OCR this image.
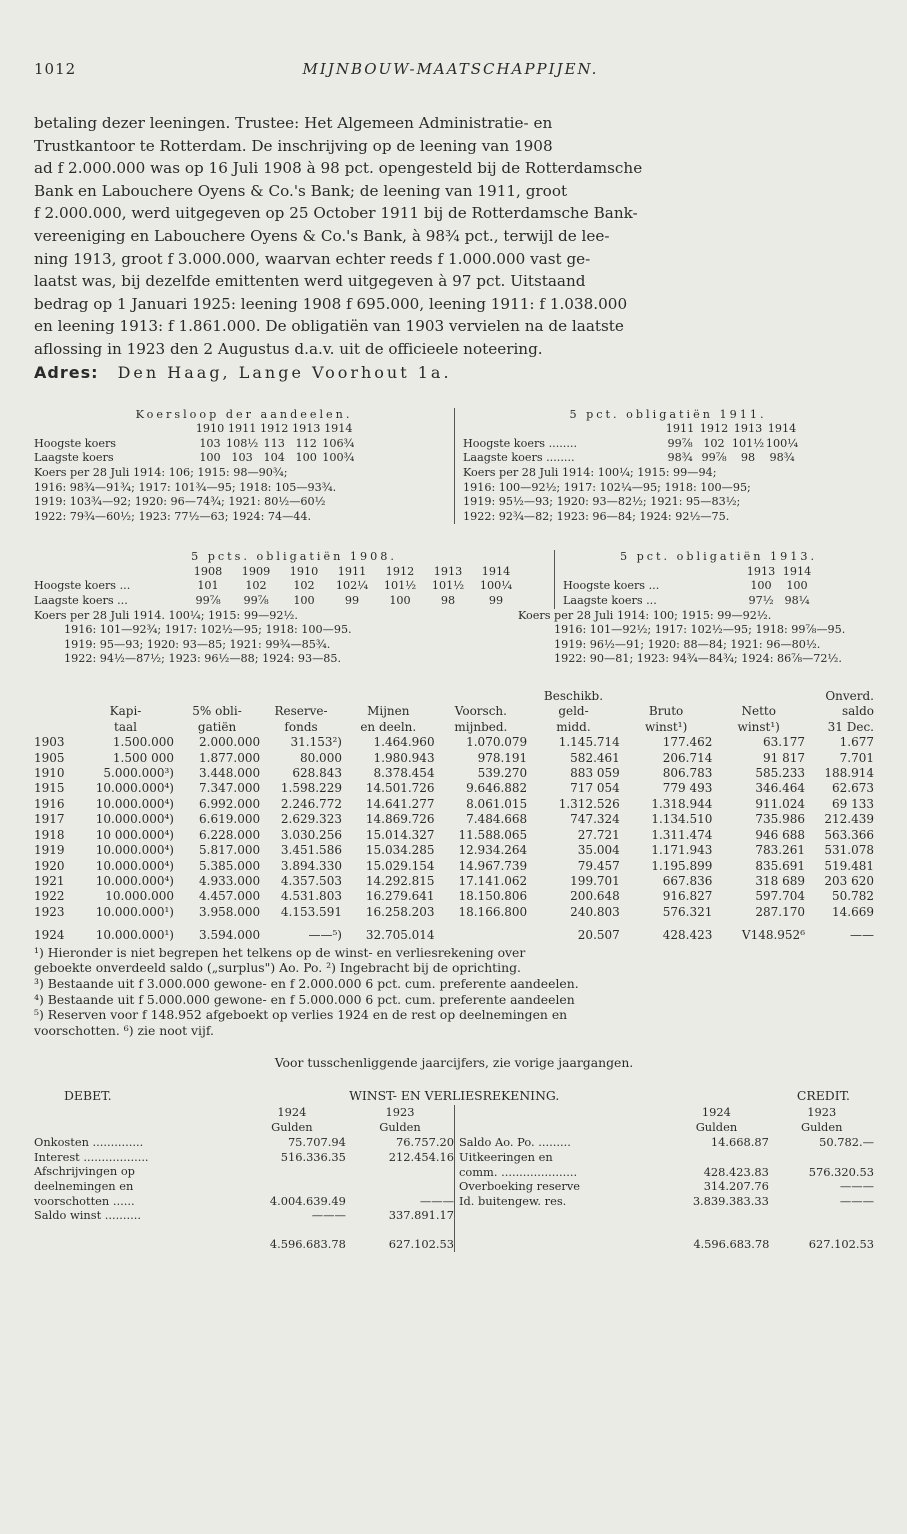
1012	MIJNBOUW-MAATSCHAPPIJEN.

betaling dezer leeningen. Trustee: Het Algemeen Administratie- en

Trustkantoor te Rotterdam. De inschrijving op de leening van 1908

ad f 2.000.000 was op 16 Juli 1908 à 98 pct. opengesteld bij de Rotterdamsche

Bank en Labouchere Oyens & Co.'s Bank; de leening van 1911, groot

f 2.000.000, werd uitgegeven op 25 October 1911 bij de Rotterdamsche Bank-

vereeniging en Labouchere Oyens & Co.'s Bank, à 98¾ pct., terwijl de lee-

ning 1913, groot f 3.000.000, waarvan echter reeds f 1.000.000 vast ge-

laatst was, bij dezelfde emittenten werd uitgegeven à 97 pct. Uitstaand

bedrag op 1 Januari 1925: leening 1908 f 695.000, leening 1911: f 1.038.000

en leening 1913: f 1.861.000. De obligatiën van 1903 vervielen na de laatste

aflossing in 1923 den 2 Augustus d.a.v. uit de officieele noteering.

Adres: Den Haag, Lange Voorhout 1a.
Koersloop der aandeelen.
	1910	1911	1912	1913	1914
Hoogste koers	103	108½	113	112	106¾
Laagste koers	100	103	104	100	100¾
Koers per 28 Juli 1914: 106; 1915: 98—90¾;
1916: 98¾—91¾; 1917: 101¾—95; 1918: 105—93¾.
1919: 103¾—92; 1920: 96—74¾; 1921: 80½—60½
1922: 79¾—60½; 1923: 77½—63; 1924: 74—44.
5 pct. obligatiën 1911.
	1911	1912	1913	1914
Hoogste koers ........	99⅞	102	101½	100¼
Laagste koers ........	98¾	99⅞	98	98¾
Koers per 28 Juli 1914: 100¼; 1915: 99—94;
1916: 100—92½; 1917: 102¼—95; 1918: 100—95;
1919: 95½—93; 1920: 93—82½; 1921: 95—83½;
1922: 92¾—82; 1923: 96—84; 1924: 92½—75.
5 pcts. obligatiën 1908.
	1908	1909	1910	1911	1912	1913	1914
Hoogste koers ...	101	102	102	102¼	101½	101½	100¼
Laagste koers ...	99⅞	99⅞	100	99	100	98	99
Koers per 28 Juli 1914. 100¼; 1915: 99—92½.
1916: 101—92¾; 1917: 102½—95; 1918: 100—95.
1919: 95—93; 1920: 93—85; 1921: 99¾—85¾.
1922: 94½—87½; 1923: 96½—88; 1924: 93—85.
5 pct. obligatiën 1913.
	1913	1914
Hoogste koers ...	100	100
Laagste koers ...	97½	98¼
Koers per 28 Juli 1914: 100; 1915: 99—92½.
1916: 101—92½; 1917: 102½—95; 1918: 99⅞—95.
1919: 96½—91; 1920: 88—84; 1921: 96—80½.
1922: 90—81; 1923: 94¾—84¾; 1924: 86⅞—72½.
						Beschikb.			Onverd.
	Kapi-	5% obli-	Reserve-	Mijnen	Voorsch.	geld-	Bruto	Netto	saldo
	taal	gatiën	fonds	en deeln.	mijnbed.	midd.	winst¹)	winst¹)	31 Dec.
1903	1.500.000	2.000.000	31.153²)	1.464.960	1.070.079	1.145.714	177.462	63.177	1.677
1905	1.500 000	1.877.000	80.000	1.980.943	978.191	582.461	206.714	91 817	7.701
1910	5.000.000³)	3.448.000	628.843	8.378.454	539.270	883 059	806.783	585.233	188.914
1915	10.000.000⁴)	7.347.000	1.598.229	14.501.726	9.646.882	717 054	779 493	346.464	62.673
1916	10.000.000⁴)	6.992.000	2.246.772	14.641.277	8.061.015	1.312.526	1.318.944	911.024	69 133
1917	10.000.000⁴)	6.619.000	2.629.323	14.869.726	7.484.668	747.324	1.134.510	735.986	212.439
1918	10 000.000⁴)	6.228.000	3.030.256	15.014.327	11.588.065	27.721	1.311.474	946 688	563.366
1919	10.000.000⁴)	5.817.000	3.451.586	15.034.285	12.934.264	35.004	1.171.943	783.261	531.078
1920	10.000.000⁴)	5.385.000	3.894.330	15.029.154	14.967.739	79.457	1.195.899	835.691	519.481
1921	10.000.000⁴)	4.933.000	4.357.503	14.292.815	17.141.062	199.701	667.836	318 689	203 620
1922	10.000.000	4.457.000	4.531.803	16.279.641	18.150.806	200.648	916.827	597.704	50.782
1923	10.000.000¹)	3.958.000	4.153.591	16.258.203	18.166.800	240.803	576.321	287.170	14.669
1924	10.000.000¹)	3.594.000	——⁵)	32.705.014		20.507	428.423	V148.952⁶	——

¹) Hieronder is niet begrepen het telkens op de winst- en verliesrekening over

geboekte onverdeeld saldo („surplus") Ao. Po. ²) Ingebracht bij de oprichting.

³) Bestaande uit f 3.000.000 gewone- en f 2.000.000 6 pct. cum. preferente aandeelen.

⁴) Bestaande uit f 5.000.000 gewone- en f 5.000.000 6 pct. cum. preferente aandeelen

⁵) Reserven voor f 148.952 afgeboekt op verlies 1924 en de rest op deelnemingen en

voorschotten. ⁶) zie noot vijf.

Voor tusschenliggende jaarcijfers, zie vorige jaargangen.
DEBET.	WINST- EN VERLIESREKENING.	CREDIT.
	1924	1923
	Gulden	Gulden
Onkosten ..............	75.707.94	76.757.20
Interest ..................	516.336.35	212.454.16
Afschrijvingen op		
deelnemingen en		
voorschotten ......	4.004.639.49	———
Saldo winst ..........	———	337.891.17

	4.596.683.78	627.102.53
	1924	1923
	Gulden	Gulden
Saldo Ao. Po. .........	14.668.87	50.782.—
Uitkeeringen en		
comm. .....................	428.423.83	576.320.53
Overboeking reserve	314.207.76	———
Id. buitengew. res.	3.839.383.33	———

	4.596.683.78	627.102.53
